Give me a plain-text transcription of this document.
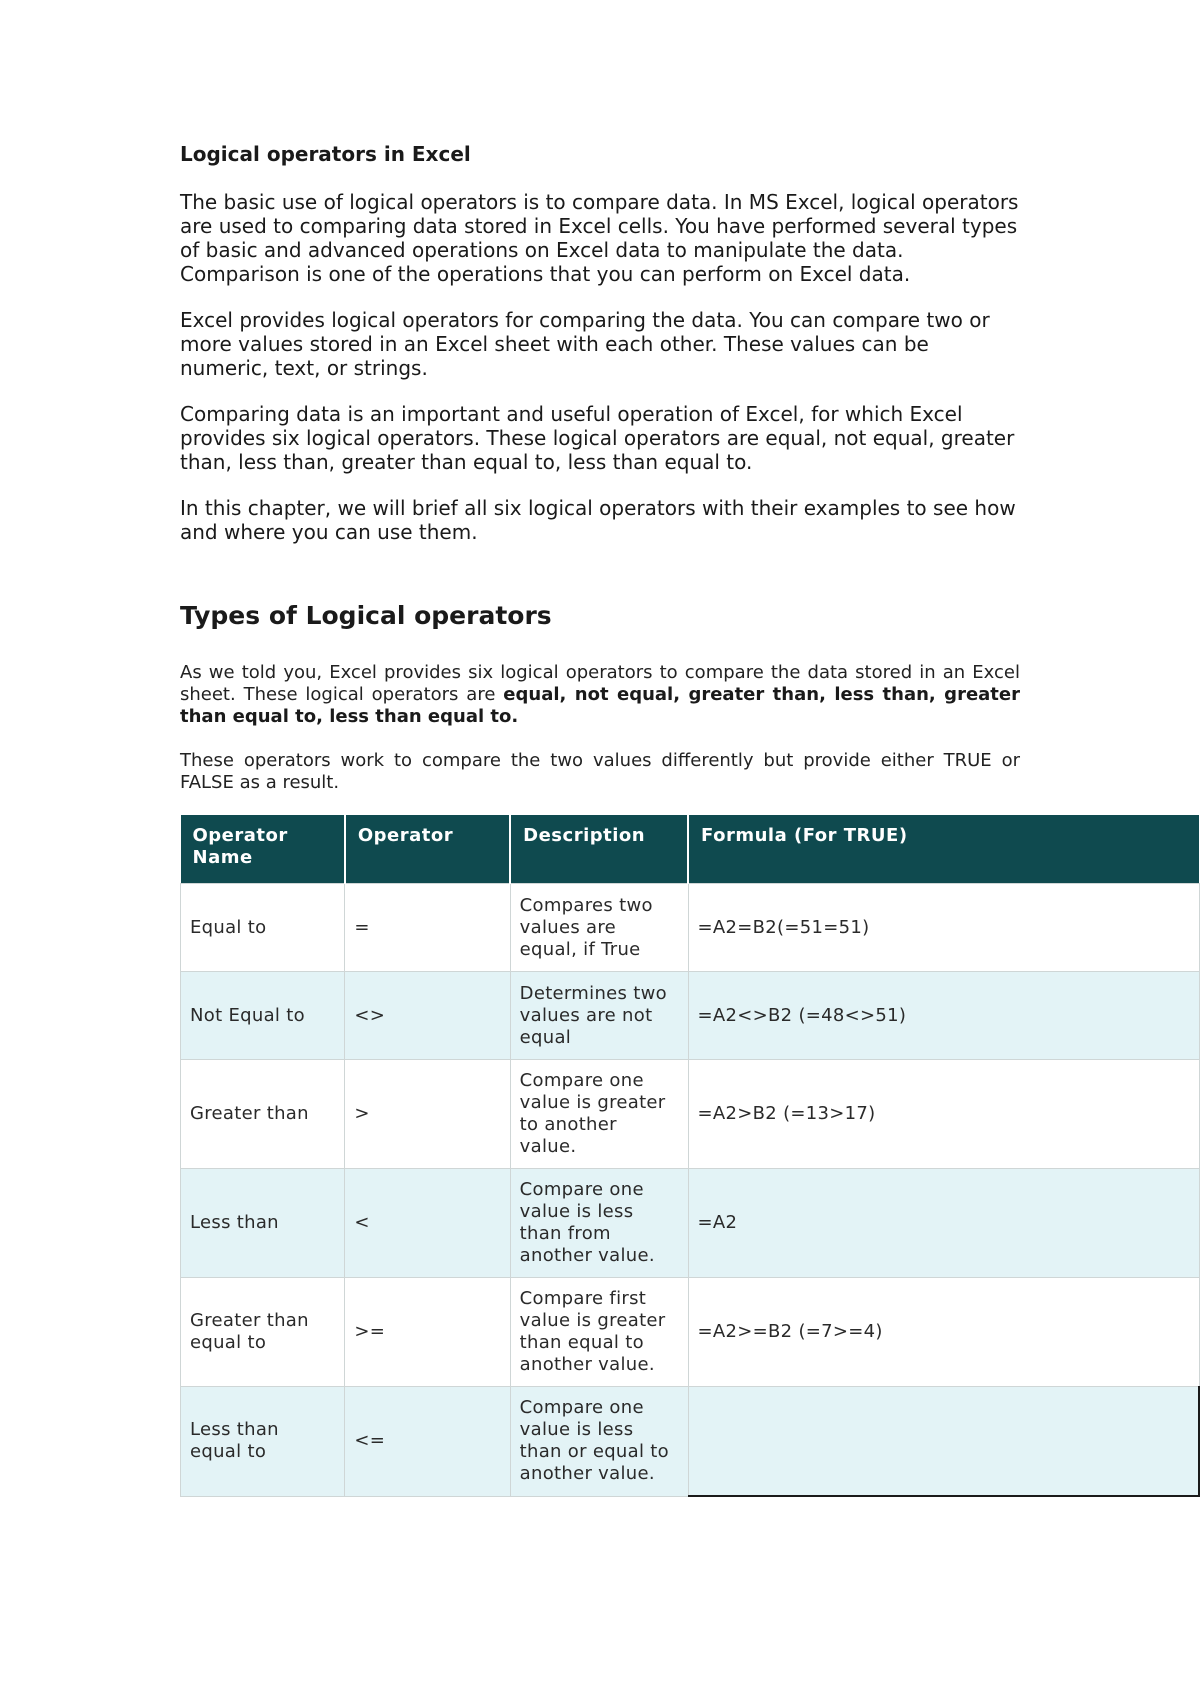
Logical operators in Excel

The basic use of logical operators is to compare data. In MS Excel, logical operators are used to comparing data stored in Excel cells. You have performed several types of basic and advanced operations on Excel data to manipulate the data. Comparison is one of the operations that you can perform on Excel data.

Excel provides logical operators for comparing the data. You can compare two or more values stored in an Excel sheet with each other. These values can be numeric, text, or strings.

Comparing data is an important and useful operation of Excel, for which Excel provides six logical operators. These logical operators are equal, not equal, greater than, less than, greater than equal to, less than equal to.

In this chapter, we will brief all six logical operators with their examples to see how and where you can use them.

Types of Logical operators

As we told you, Excel provides six logical operators to compare the data stored in an Excel sheet. These logical operators are equal, not equal, greater than, less than, greater than equal to, less than equal to.

These operators work to compare the two values differently but provide either TRUE or FALSE as a result.

Operator Name	Operator	Description	Formula (For TRUE)
Equal to	=	Compares two values are equal, if True	=A2=B2(=51=51)
Not Equal to	<>	Determines two values are not equal	=A2<>B2 (=48<>51)
Greater than	>	Compare one value is greater to another value.	=A2>B2 (=13>17)
Less than	<	Compare one value is less than from another value.	=A2
Greater than equal to	>=	Compare first value is greater than equal to another value.	=A2>=B2 (=7>=4)
Less than equal to	<=	Compare one value is less than or equal to another value.	
